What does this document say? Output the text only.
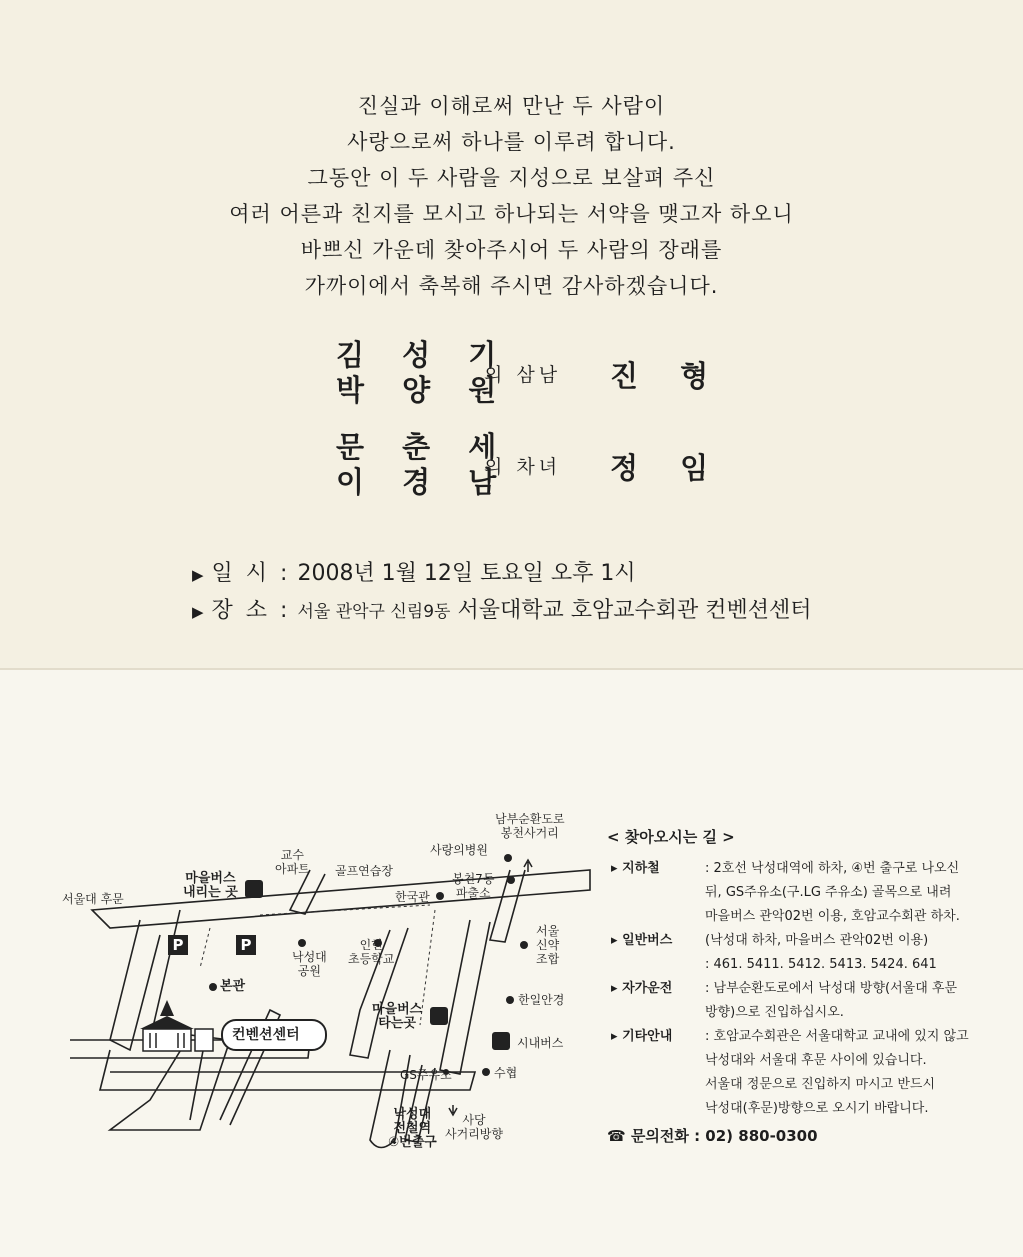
진실과 이해로써 만난 두 사람이
사랑으로써 하나를 이루려 합니다.
그동안 이 두 사람을 지성으로 보살펴 주신
여러 어른과 친지를 모시고 하나되는 서약을 맺고자 하오니
바쁘신 가운데 찾아주시어 두 사람의 장래를
가까이에서 축복해 주시면 감사하겠습니다.
김 성 기
박 양 원
의 삼남 진 형
문 춘 세
이 경 남
의 차녀 정 임
▶ 일 시 : 2008년 1월 12일 토요일 오후 1시
▶ 장 소 : 서울 관악구 신림9동 서울대학교 호암교수회관 컨벤션센터
서울대 후문
교수
아파트
마을버스
내리는 곳
골프연습장
사랑의병원
남부순환도로
봉천사거리
한국관
봉천7동
파출소
서울
신약
조합
낙성대
공원
인헌
초등학교
본관
컨벤션센터
마을버스
타는곳
한일안경
시내버스
GS주유소	수협
낙성대
전철역
④번출구
사당
사거리방향
P	P
< 찾아오시는 길 >
▸ 지하철	: 2호선 낙성대역에 하차, ④번 출구로 나오신
뒤, GS주유소(구.LG 주유소) 골목으로 내려
마을버스 관악02번 이용, 호암교수회관 하차.
▸ 일반버스	(낙성대 하차, 마을버스 관악02번 이용)
: 461. 5411. 5412. 5413. 5424. 641
▸ 자가운전	: 남부순환도로에서 낙성대 방향(서울대 후문
방향)으로 진입하십시오.
▸ 기타안내	: 호암교수회관은 서울대학교 교내에 있지 않고
낙성대와 서울대 후문 사이에 있습니다.
서울대 정문으로 진입하지 마시고 반드시
낙성대(후문)방향으로 오시기 바랍니다.
☎ 문의전화 : 02) 880-0300
